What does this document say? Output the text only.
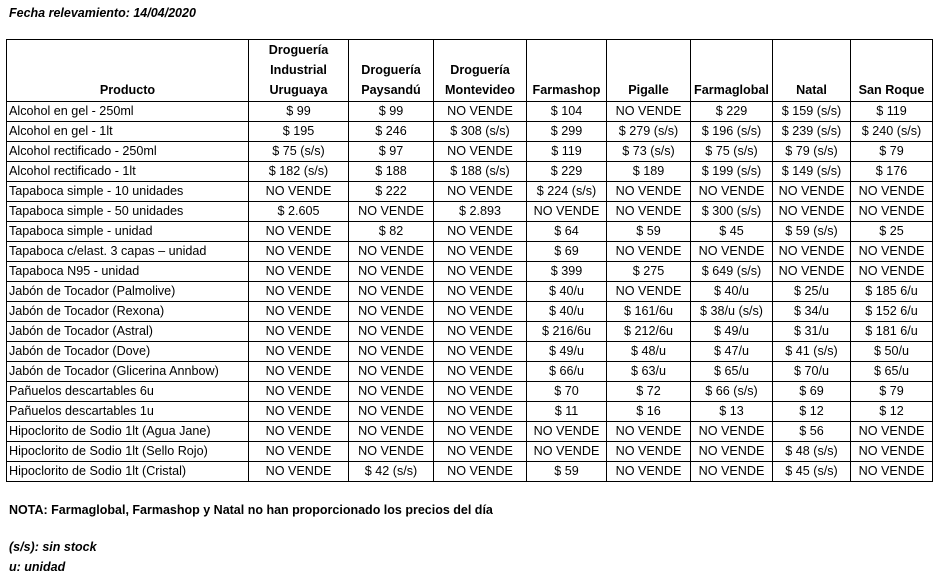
Fecha relevamiento: 14/04/2020
Producto	Droguería Industrial Uruguaya	Droguería Paysandú	Droguería Montevideo	Farmashop	Pigalle	Farmaglobal	Natal	San Roque
Alcohol en gel - 250ml	$ 99	$ 99	NO VENDE	$ 104	NO VENDE	$ 229	$ 159 (s/s)	$ 119
Alcohol en gel - 1lt	$ 195	$ 246	$ 308 (s/s)	$ 299	$ 279 (s/s)	$ 196 (s/s)	$ 239 (s/s)	$ 240 (s/s)
Alcohol rectificado - 250ml	$ 75 (s/s)	$ 97	NO VENDE	$ 119	$ 73 (s/s)	$ 75 (s/s)	$ 79 (s/s)	$ 79
Alcohol rectificado - 1lt	$ 182 (s/s)	$ 188	$ 188 (s/s)	$ 229	$ 189	$ 199 (s/s)	$ 149 (s/s)	$ 176
Tapaboca simple - 10 unidades	NO VENDE	$ 222	NO VENDE	$ 224 (s/s)	NO VENDE	NO VENDE	NO VENDE	NO VENDE
Tapaboca simple - 50 unidades	$ 2.605	NO VENDE	$ 2.893	NO VENDE	NO VENDE	$ 300 (s/s)	NO VENDE	NO VENDE
Tapaboca simple - unidad	NO VENDE	$ 82	NO VENDE	$ 64	$ 59	$ 45	$ 59 (s/s)	$ 25
Tapaboca c/elast. 3 capas – unidad	NO VENDE	NO VENDE	NO VENDE	$ 69	NO VENDE	NO VENDE	NO VENDE	NO VENDE
Tapaboca N95 - unidad	NO VENDE	NO VENDE	NO VENDE	$ 399	$ 275	$ 649 (s/s)	NO VENDE	NO VENDE
Jabón de Tocador (Palmolive)	NO VENDE	NO VENDE	NO VENDE	$ 40/u	NO VENDE	$ 40/u	$ 25/u	$ 185 6/u
Jabón de Tocador (Rexona)	NO VENDE	NO VENDE	NO VENDE	$ 40/u	$ 161/6u	$ 38/u (s/s)	$ 34/u	$ 152 6/u
Jabón de Tocador (Astral)	NO VENDE	NO VENDE	NO VENDE	$ 216/6u	$ 212/6u	$ 49/u	$ 31/u	$ 181 6/u
Jabón de Tocador (Dove)	NO VENDE	NO VENDE	NO VENDE	$ 49/u	$ 48/u	$ 47/u	$ 41 (s/s)	$ 50/u
Jabón de Tocador (Glicerina Annbow)	NO VENDE	NO VENDE	NO VENDE	$ 66/u	$ 63/u	$ 65/u	$ 70/u	$ 65/u
Pañuelos descartables 6u	NO VENDE	NO VENDE	NO VENDE	$ 70	$ 72	$ 66 (s/s)	$ 69	$ 79
Pañuelos descartables 1u	NO VENDE	NO VENDE	NO VENDE	$ 11	$ 16	$ 13	$ 12	$ 12
Hipoclorito de Sodio 1lt (Agua Jane)	NO VENDE	NO VENDE	NO VENDE	NO VENDE	NO VENDE	NO VENDE	$ 56	NO VENDE
Hipoclorito de Sodio 1lt (Sello Rojo)	NO VENDE	NO VENDE	NO VENDE	NO VENDE	NO VENDE	NO VENDE	$ 48 (s/s)	NO VENDE
Hipoclorito de Sodio 1lt (Cristal)	NO VENDE	$ 42 (s/s)	NO VENDE	$ 59	NO VENDE	NO VENDE	$ 45 (s/s)	NO VENDE
NOTA: Farmaglobal, Farmashop y Natal no han proporcionado los precios del día
(s/s): sin stock
u: unidad
